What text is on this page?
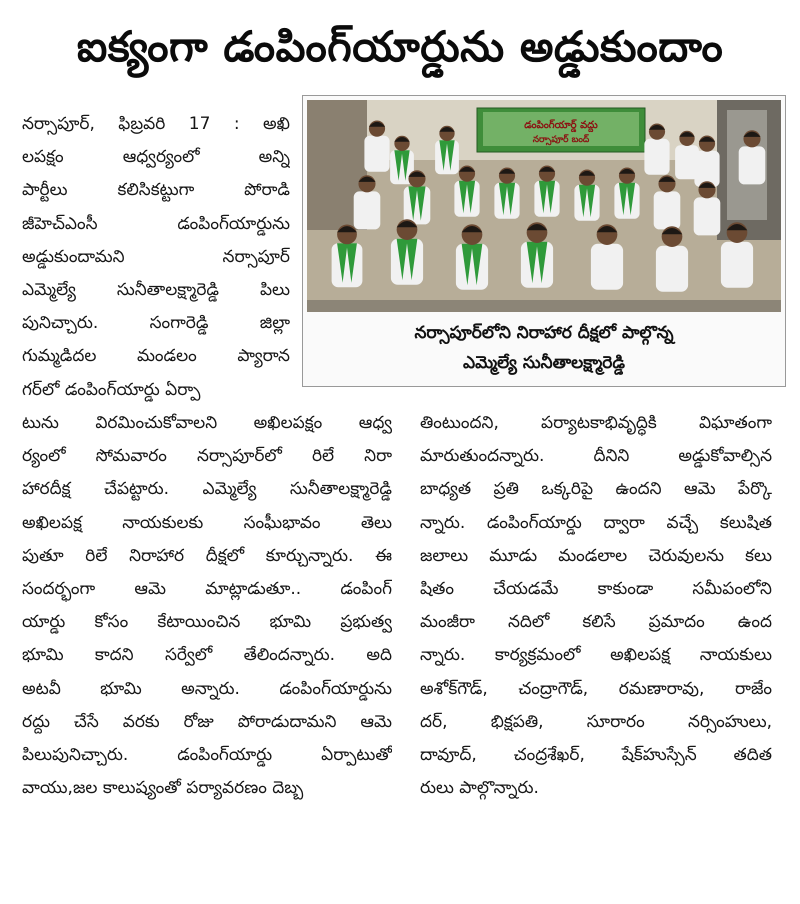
ఐక్యంగా డంపింగ్‌యార్డును అడ్డుకుందాం
నర్సాపూర్, ఫిబ్రవరి 17 : అఖి
లపక్షం ఆధ్వర్యంలో అన్ని
పార్టీలు కలిసికట్టుగా పోరాడి
జీహెచ్ఎంసీ డంపింగ్‌యార్డును
అడ్డుకుందామని నర్సాపూర్
ఎమ్మెల్యే సునీతాలక్ష్మారెడ్డి పిలు
పునిచ్చారు. సంగారెడ్డి జిల్లా
గుమ్మడిదల మండలం ప్యారాన
గర్‌లో డంపింగ్‌యార్డు ఏర్పా
డంపింగ్‌యార్డ్ వద్దు
నర్సాపూర్ బంద్
నర్సాపూర్‌లోని నిరాహార దీక్షలో పాల్గొన్న
ఎమ్మెల్యే సునీతాలక్ష్మారెడ్డి
టును విరమించుకోవాలని అఖిలపక్షం ఆధ్వ
ర్యంలో సోమవారం నర్సాపూర్‌లో రిలే నిరా
హారదీక్ష చేపట్టారు. ఎమ్మెల్యే సునీతాలక్ష్మారెడ్డి
అఖిలపక్ష నాయకులకు సంఘీభావం తెలు
పుతూ రిలే నిరాహార దీక్షలో కూర్చున్నారు. ఈ
సందర్భంగా ఆమె మాట్లాడుతూ.. డంపింగ్
యార్డు కోసం కేటాయించిన భూమి ప్రభుత్వ
భూమి కాదని సర్వేలో తేలిందన్నారు. అది
అటవీ భూమి అన్నారు. డంపింగ్‌యార్డును
రద్దు చేసే వరకు రోజు పోరాడుదామని ఆమె
పిలుపునిచ్చారు. డంపింగ్‌యార్డు ఏర్పాటుతో
వాయు,జల కాలుష్యంతో పర్యావరణం దెబ్బ
తింటుందని, పర్యాటకాభివృద్ధికి విఘాతంగా
మారుతుందన్నారు. దీనిని అడ్డుకోవాల్సిన
బాధ్యత ప్రతి ఒక్కరిపై ఉందని ఆమె పేర్కొ
న్నారు. డంపింగ్‌యార్డు ద్వారా వచ్చే కలుషిత
జలాలు మూడు మండలాల చెరువులను కలు
షితం చేయడమే కాకుండా సమీపంలోని
మంజీరా నదిలో కలిసే ప్రమాదం ఉంద
న్నారు. కార్యక్రమంలో అఖిలపక్ష నాయకులు
అశోక్‌గౌడ్, చంద్రాగౌడ్, రమణారావు, రాజేం
దర్, భిక్షపతి, సూరారం నర్సింహులు,
దావూద్, చంద్రశేఖర్, షేక్‌హుస్సేన్ తదిత
రులు పాల్గొన్నారు.
